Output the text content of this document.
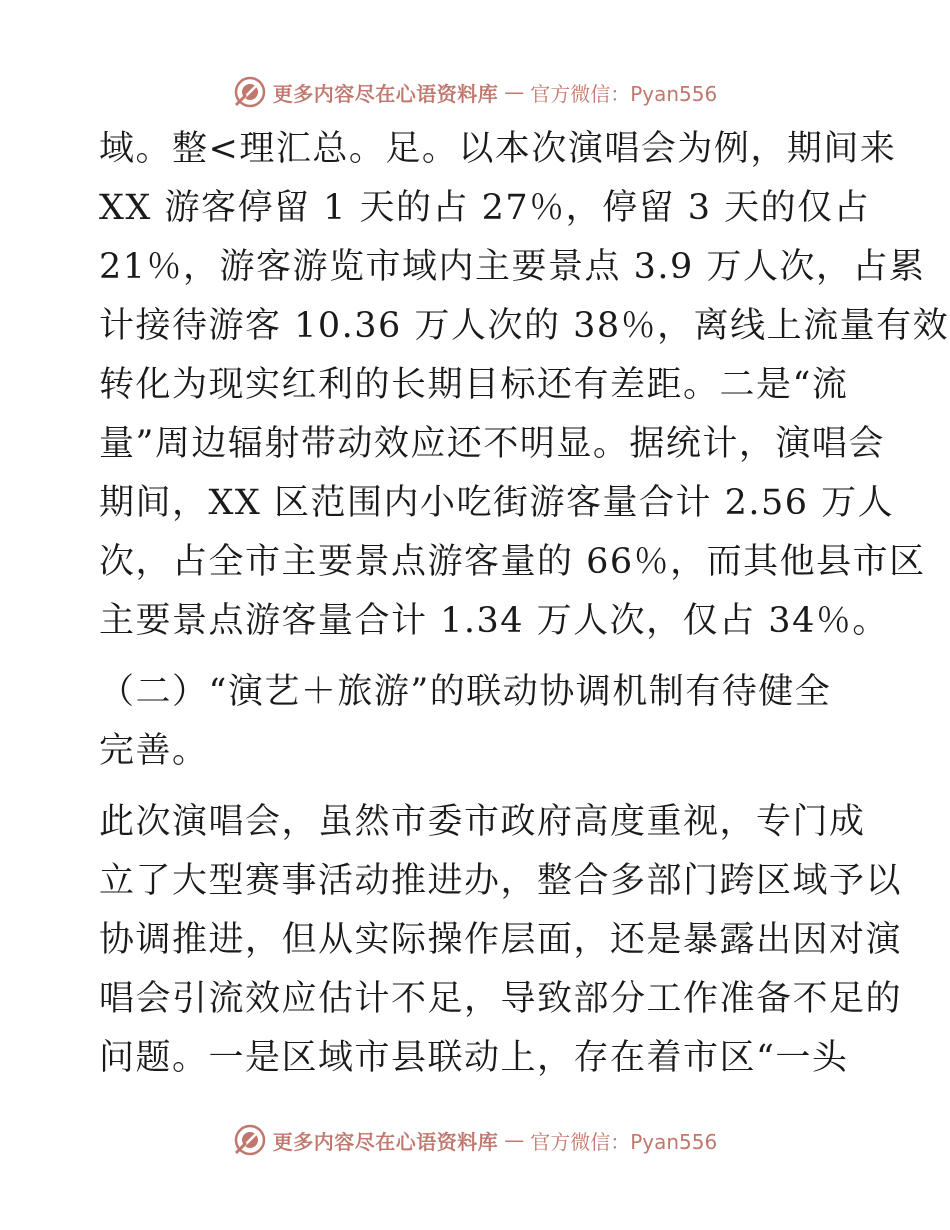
更多内容尽在心语资料库 — 官方微信：Pyan556
域。整<理汇总。足。以本次演唱会为例，期间来
XX 游客停留 1 天的占 27％，停留 3 天的仅占
21％，游客游览市域内主要景点 3.9 万人次，占累
计接待游客 10.36 万人次的 38％，离线上流量有效
转化为现实红利的长期目标还有差距。二是“流
量”周边辐射带动效应还不明显。据统计，演唱会
期间，XX 区范围内小吃街游客量合计 2.56 万人
次，占全市主要景点游客量的 66％，而其他县市区
主要景点游客量合计 1.34 万人次，仅占 34％。
（二）“演艺＋旅游”的联动协调机制有待健全
完善。
此次演唱会，虽然市委市政府高度重视，专门成
立了大型赛事活动推进办，整合多部门跨区域予以
协调推进，但从实际操作层面，还是暴露出因对演
唱会引流效应估计不足，导致部分工作准备不足的
问题。一是区域市县联动上，存在着市区“一头
更多内容尽在心语资料库 — 官方微信：Pyan556
